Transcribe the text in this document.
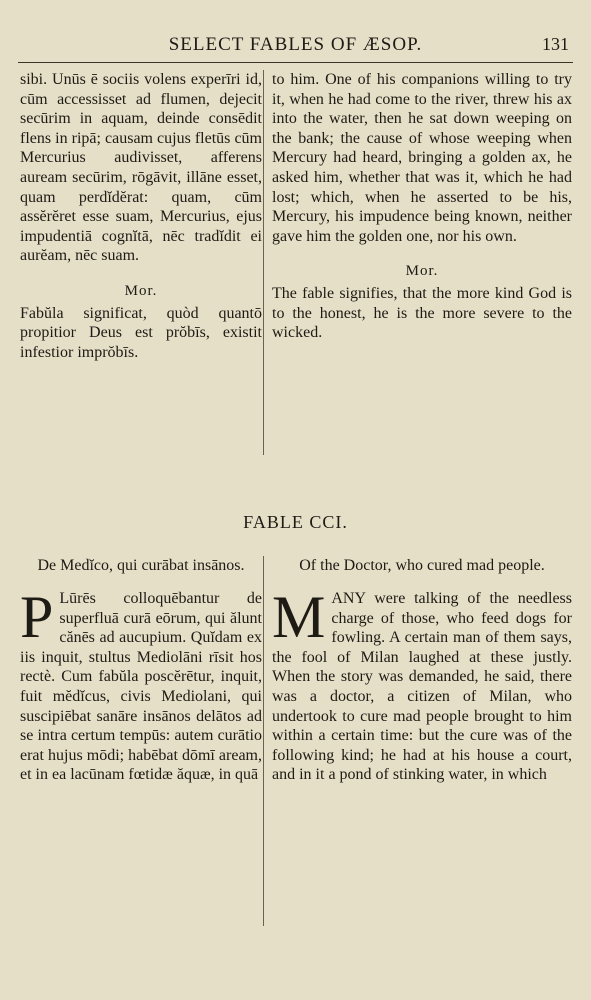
SELECT FABLES OF ÆSOP.	131

sibi. Unūs ē sociis volens experīri id, cūm accessisset ad flumen, dejecit secūrim in aquam, deinde consēdit flens in ripā; causam cujus fletūs cūm Mercurius audivisset, afferens auream secūrim, rōgāvit, illāne esset, quam perdĭdĕrat: quam, cūm assĕrĕret esse suam, Mercurius, ejus impudentiā cognĭtā, nēc tradĭdit ei aurĕam, nēc suam.

Mor.

Fabŭla significat, quòd quantō propitior Deus est prŏbīs, existit infestior imprŏbīs.

to him. One of his companions willing to try it, when he had come to the river, threw his ax into the water, then he sat down weeping on the bank; the cause of whose weeping when Mercury had heard, bringing a golden ax, he asked him, whether that was it, which he had lost; which, when he asserted to be his, Mercury, his impudence being known, neither gave him the golden one, nor his own.

Mor.

The fable signifies, that the more kind God is to the honest, he is the more severe to the wicked.

FABLE CCI.

De Medĭco, qui curābat insānos.

P Lūrēs colloquēbantur de superfluā curā eōrum, qui ălunt cănēs ad aucupium. Quĭdam ex iis inquit, stultus Mediolāni rīsit hos rectè. Cum fabŭla poscĕrētur, inquit, fuit mĕdĭcus, civis Mediolani, qui suscipiēbat sanāre insānos delātos ad se intra certum tempūs: autem curātio erat hujus mōdi; habēbat dōmī aream, et in ea lacūnam fœtidæ ăquæ, in quā

Of the Doctor, who cured mad people.

M ANY were talking of the needless charge of those, who feed dogs for fowling. A certain man of them says, the fool of Milan laughed at these justly. When the story was demanded, he said, there was a doctor, a citizen of Milan, who undertook to cure mad people brought to him within a certain time: but the cure was of the following kind; he had at his house a court, and in it a pond of stinking water, in which
